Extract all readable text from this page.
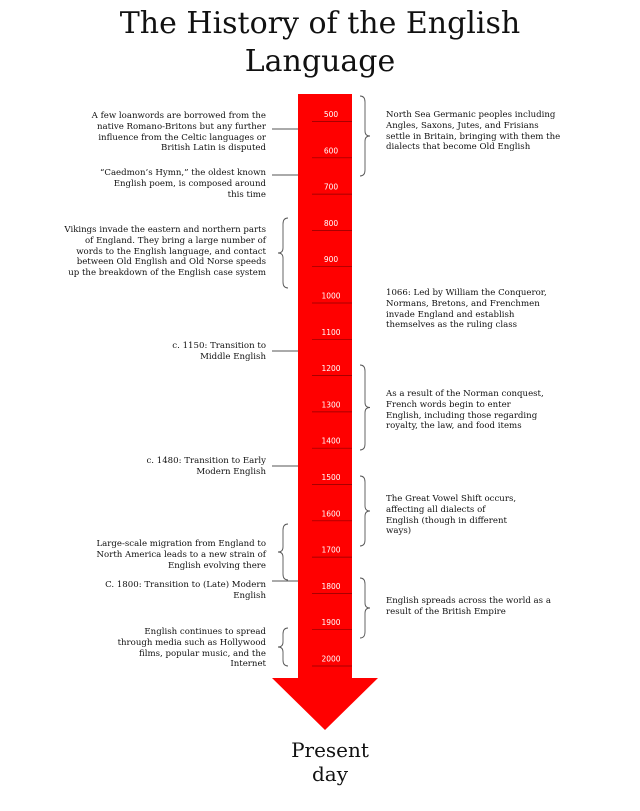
The History of the English
Language
500
600
700
800
900
1000
1100
1200
1300
1400
1500
1600
1700
1800
1900
2000
A few loanwords are borrowed from the native Romano-Britons but any further influence from the Celtic languages or British Latin is disputed
“Caedmon’s Hymn,” the oldest known English poem, is composed around this time
Vikings invade the eastern and northern parts of England. They bring a large number of words to the English language, and contact between Old English and Old Norse speeds up the breakdown of the English case system
c. 1150: Transition to Middle English
c. 1480: Transition to Early Modern English
Large-scale migration from England to North America leads to a new strain of English evolving there
C. 1800: Transition to (Late) Modern English
English continues to spread through media such as Hollywood films, popular music, and the Internet
North Sea Germanic peoples including Angles, Saxons, Jutes, and Frisians settle in Britain, bringing with them the dialects that become Old English
1066: Led by William the Conqueror, Normans, Bretons, and Frenchmen invade England and establish themselves as the ruling class
As a result of the Norman conquest, French words begin to enter English, including those regarding royalty, the law, and food items
The Great Vowel Shift occurs, affecting all dialects of English (though in different ways)
English spreads across the world as a result of the British Empire
Present
day
